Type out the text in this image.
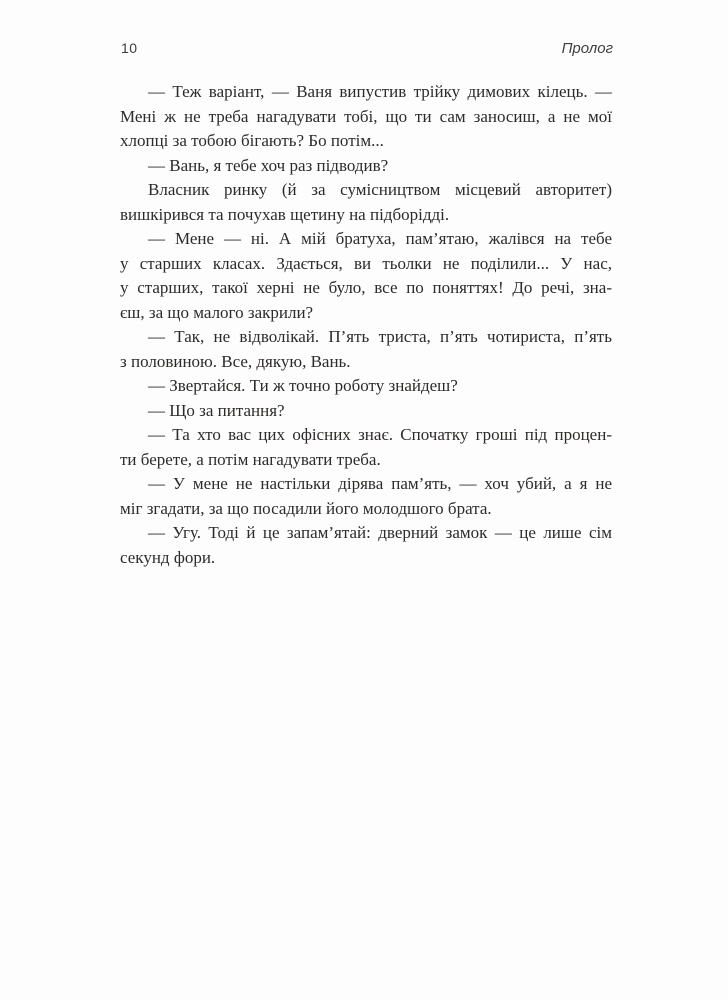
10	Пролог
— Теж варіант, — Ваня випустив трійку димових кілець. —
Мені ж не треба нагадувати тобі, що ти сам заносиш, а не мої
хлопці за тобою бігають? Бо потім...
— Вань, я тебе хоч раз підводив?
Власник ринку (й за сумісництвом місцевий авторитет)
вишкірився та почухав щетину на підборідді.
— Мене — ні. А мій братуха, пам’ятаю, жалівся на тебе
у старших класах. Здається, ви тьолки не поділили... У нас,
у старших, такої херні не було, все по поняттях! До речі, зна-
єш, за що малого закрили?
— Так, не відволікай. П’ять триста, п’ять чотириста, п’ять
з половиною. Все, дякую, Вань.
— Звертайся. Ти ж точно роботу знайдеш?
— Що за питання?
— Та хто вас цих офісних знає. Спочатку гроші під процен-
ти берете, а потім нагадувати треба.
— У мене не настільки дірява пам’ять, — хоч убий, а я не
міг згадати, за що посадили його молодшого брата.
— Угу. Тоді й це запам’ятай: дверний замок — це лише сім
секунд фори.
